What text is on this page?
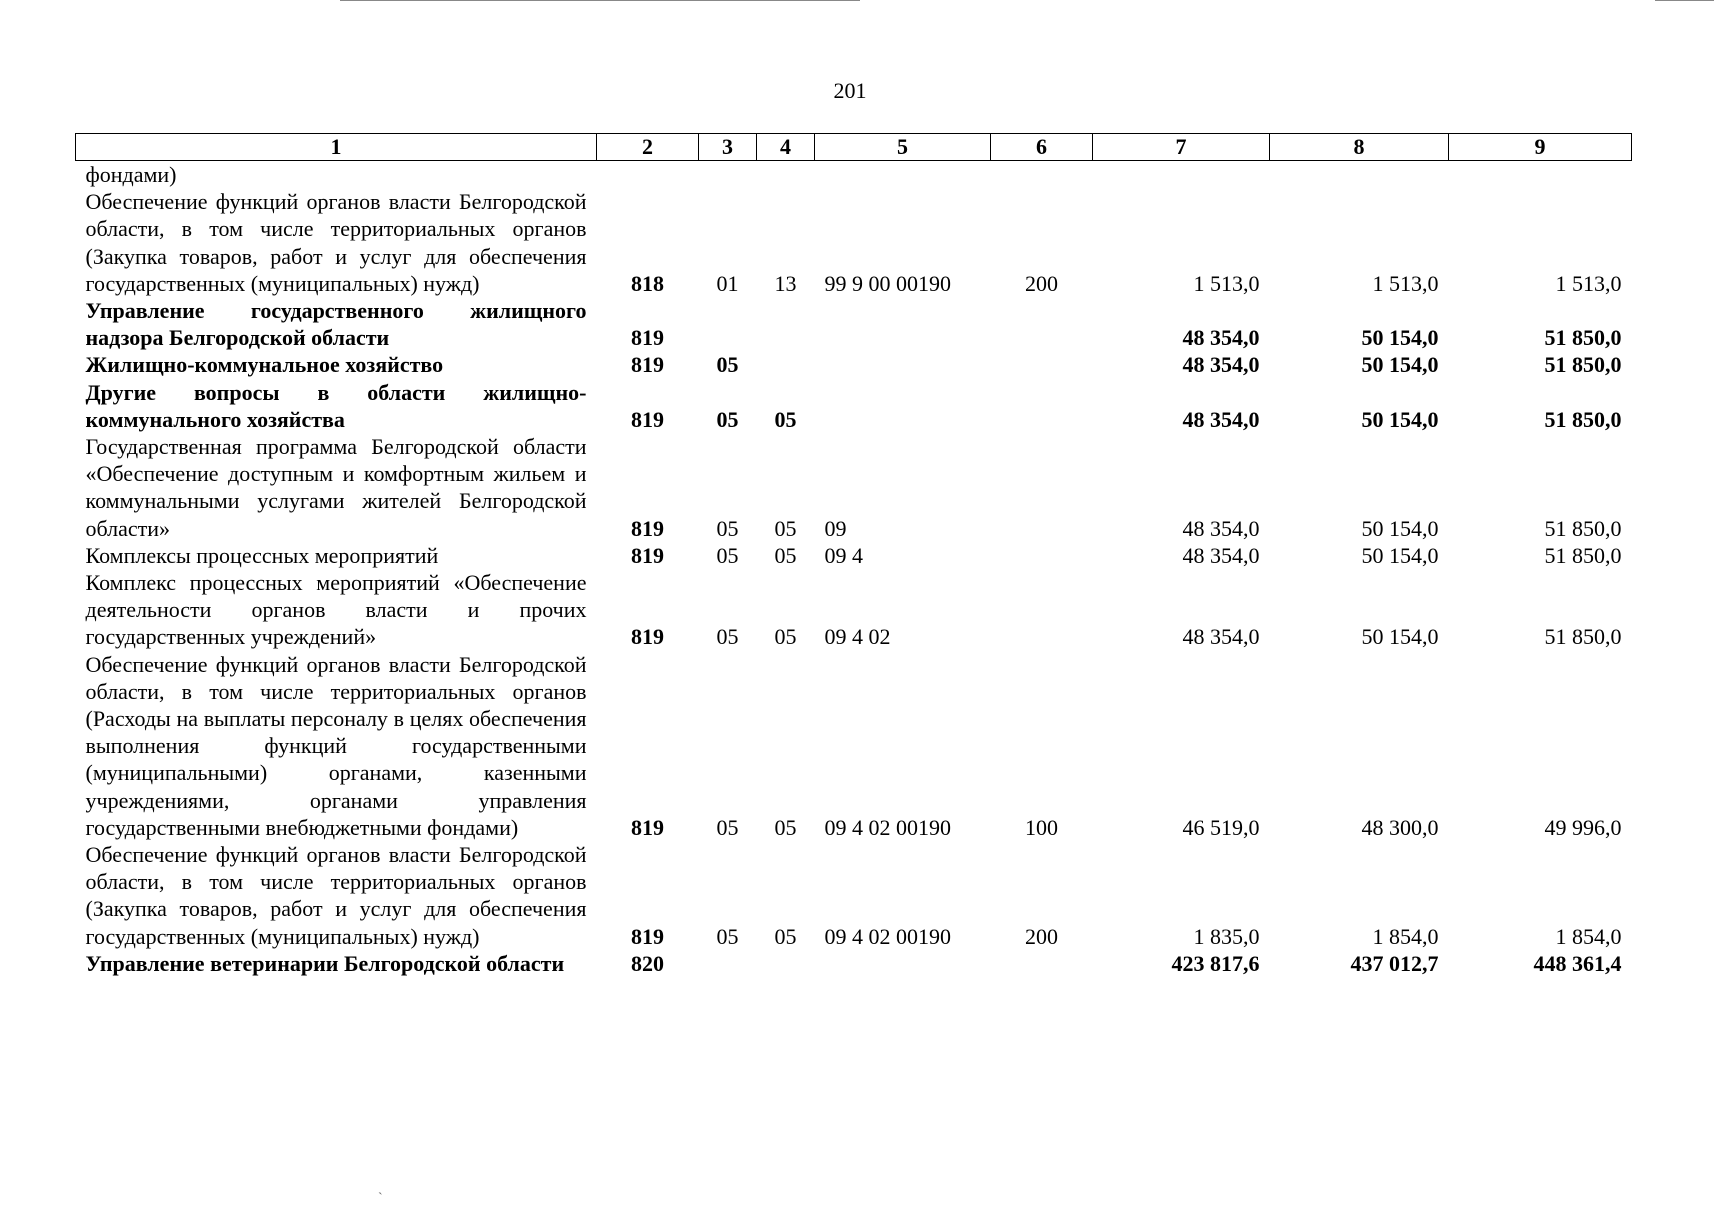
201
1	2	3	4	5	6	7	8	9
фондами)								
Обеспечение функций органов власти Белгородской области, в том числе территориальных органов (Закупка товаров, работ и услуг для обеспечения государственных (муниципальных) нужд)	818	01	13	99 9 00 00190	200	1 513,0	1 513,0	1 513,0
Управление государственного жилищного надзора Белгородской области	819					48 354,0	50 154,0	51 850,0
Жилищно-коммунальное хозяйство	819	05				48 354,0	50 154,0	51 850,0
Другие вопросы в области жилищно-коммунального хозяйства	819	05	05			48 354,0	50 154,0	51 850,0
Государственная программа Белгородской области «Обеспечение доступным и комфортным жильем и коммунальными услугами жителей Белгородской области»	819	05	05	09		48 354,0	50 154,0	51 850,0
Комплексы процессных мероприятий	819	05	05	09 4		48 354,0	50 154,0	51 850,0
Комплекс процессных мероприятий «Обеспечение деятельности органов власти и прочих государственных учреждений»	819	05	05	09 4 02		48 354,0	50 154,0	51 850,0
Обеспечение функций органов власти Белгородской области, в том числе территориальных органов (Расходы на выплаты персоналу в целях обеспечения выполнения функций государственными (муниципальными) органами, казенными учреждениями, органами управления государственными внебюджетными фондами)	819	05	05	09 4 02 00190	100	46 519,0	48 300,0	49 996,0
Обеспечение функций органов власти Белгородской области, в том числе территориальных органов (Закупка товаров, работ и услуг для обеспечения государственных (муниципальных) нужд)	819	05	05	09 4 02 00190	200	1 835,0	1 854,0	1 854,0
Управление ветеринарии Белгородской области	820					423 817,6	437 012,7	448 361,4
ˋ
